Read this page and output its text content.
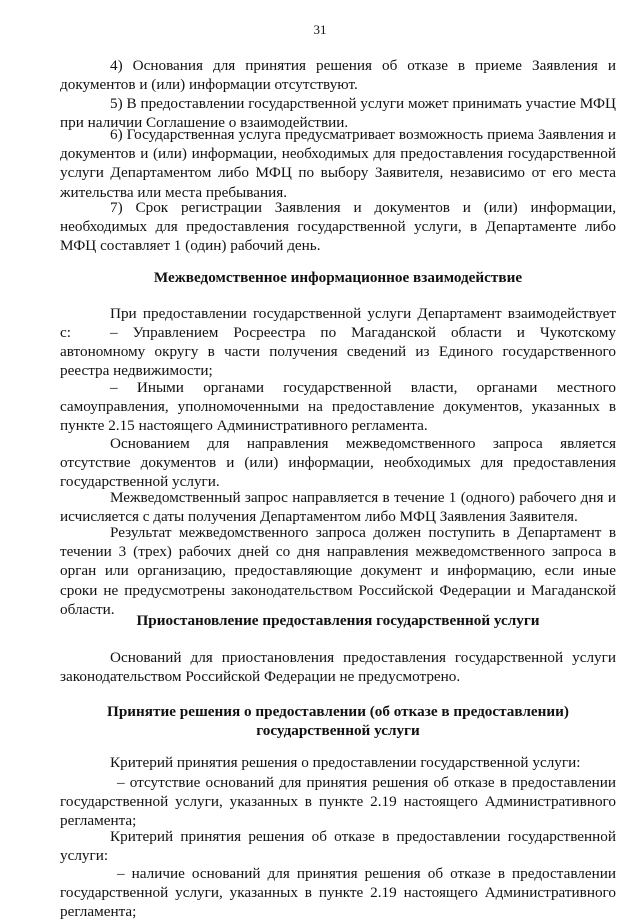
31

4) Основания для принятия решения об отказе в приеме Заявления и документов и (или) информации отсутствуют.

5) В предоставлении государственной услуги может принимать участие МФЦ при наличии Соглашение о взаимодействии.

6) Государственная услуга предусматривает возможность приема Заявления и документов и (или) информации, необходимых для предоставления государственной услуги Департаментом либо МФЦ по выбору Заявителя, независимо от его места жительства или места пребывания.

7) Срок регистрации Заявления и документов и (или) информации, необходимых для предоставления государственной услуги, в Департаменте либо МФЦ составляет 1 (один) рабочий день.

Межведомственное информационное взаимодействие

При предоставлении государственной услуги Департамент взаимодействует с:	– Управлением Росреестра по Магаданской области и Чукотскому автономному округу в части получения сведений из Единого государственного реестра недвижимости;

– Иными органами государственной власти, органами местного самоуправления, уполномоченными на предоставление документов, указанных в пункте 2.15 настоящего Административного регламента.

Основанием для направления межведомственного запроса является отсутствие документов и (или) информации, необходимых для предоставления государственной услуги.

Межведомственный запрос направляется в течение 1 (одного) рабочего дня и исчисляется с даты получения Департаментом либо МФЦ Заявления Заявителя.

Результат межведомственного запроса должен поступить в Департамент в течении 3 (трех) рабочих дней со дня направления межведомственного запроса в орган или организацию, предоставляющие документ и информацию, если иные сроки не предусмотрены законодательством Российской Федерации и Магаданской области.

Приостановление предоставления государственной услуги

Оснований для приостановления предоставления государственной услуги законодательством Российской Федерации не предусмотрено.

Принятие решения о предоставлении (об отказе в предоставлении)

государственной услуги

Критерий принятия решения о предоставлении государственной услуги:

– отсутствие оснований для принятия решения об отказе в предоставлении государственной услуги, указанных в пункте 2.19 настоящего Административного регламента;

Критерий принятия решения об отказе в предоставлении государственной услуги:

– наличие оснований для принятия решения об отказе в предоставлении государственной услуги, указанных в пункте 2.19 настоящего Административного регламента;
